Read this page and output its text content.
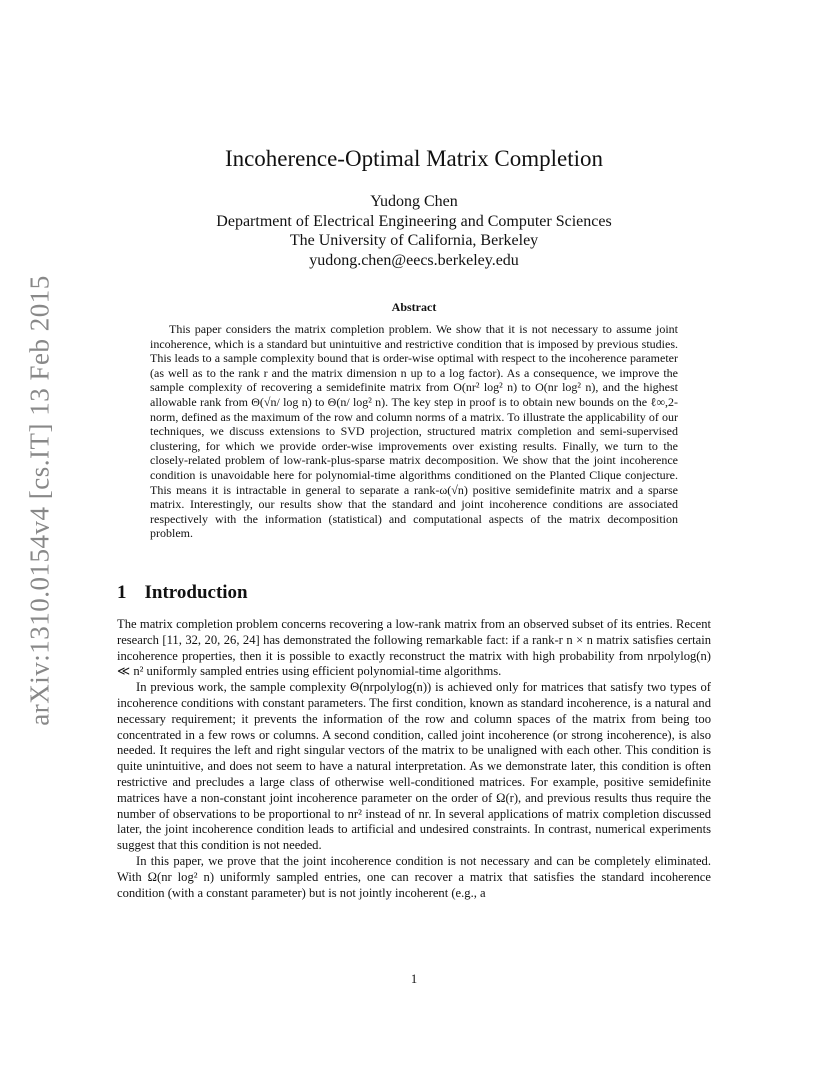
arXiv:1310.0154v4 [cs.IT] 13 Feb 2015
Incoherence-Optimal Matrix Completion
Yudong Chen
Department of Electrical Engineering and Computer Sciences
The University of California, Berkeley
yudong.chen@eecs.berkeley.edu
Abstract

This paper considers the matrix completion problem. We show that it is not necessary to assume joint incoherence, which is a standard but unintuitive and restrictive condition that is imposed by previous studies. This leads to a sample complexity bound that is order-wise optimal with respect to the incoherence parameter (as well as to the rank r and the matrix dimension n up to a log factor). As a consequence, we improve the sample complexity of recovering a semidefinite matrix from O(nr² log² n) to O(nr log² n), and the highest allowable rank from Θ(√n/ log n) to Θ(n/ log² n). The key step in proof is to obtain new bounds on the ℓ∞,2-norm, defined as the maximum of the row and column norms of a matrix. To illustrate the applicability of our techniques, we discuss extensions to SVD projection, structured matrix completion and semi-supervised clustering, for which we provide order-wise improvements over existing results. Finally, we turn to the closely-related problem of low-rank-plus-sparse matrix decomposition. We show that the joint incoherence condition is unavoidable here for polynomial-time algorithms conditioned on the Planted Clique conjecture. This means it is intractable in general to separate a rank-ω(√n) positive semidefinite matrix and a sparse matrix. Interestingly, our results show that the standard and joint incoherence conditions are associated respectively with the information (statistical) and computational aspects of the matrix decomposition problem.

1 Introduction

The matrix completion problem concerns recovering a low-rank matrix from an observed subset of its entries. Recent research [11, 32, 20, 26, 24] has demonstrated the following remarkable fact: if a rank-r n × n matrix satisfies certain incoherence properties, then it is possible to exactly reconstruct the matrix with high probability from nrpolylog(n) ≪ n² uniformly sampled entries using efficient polynomial-time algorithms.

In previous work, the sample complexity Θ(nrpolylog(n)) is achieved only for matrices that satisfy two types of incoherence conditions with constant parameters. The first condition, known as standard incoherence, is a natural and necessary requirement; it prevents the information of the row and column spaces of the matrix from being too concentrated in a few rows or columns. A second condition, called joint incoherence (or strong incoherence), is also needed. It requires the left and right singular vectors of the matrix to be unaligned with each other. This condition is quite unintuitive, and does not seem to have a natural interpretation. As we demonstrate later, this condition is often restrictive and precludes a large class of otherwise well-conditioned matrices. For example, positive semidefinite matrices have a non-constant joint incoherence parameter on the order of Ω(r), and previous results thus require the number of observations to be proportional to nr² instead of nr. In several applications of matrix completion discussed later, the joint incoherence condition leads to artificial and undesired constraints. In contrast, numerical experiments suggest that this condition is not needed.

In this paper, we prove that the joint incoherence condition is not necessary and can be completely eliminated. With Ω(nr log² n) uniformly sampled entries, one can recover a matrix that satisfies the standard incoherence condition (with a constant parameter) but is not jointly incoherent (e.g., a

1
